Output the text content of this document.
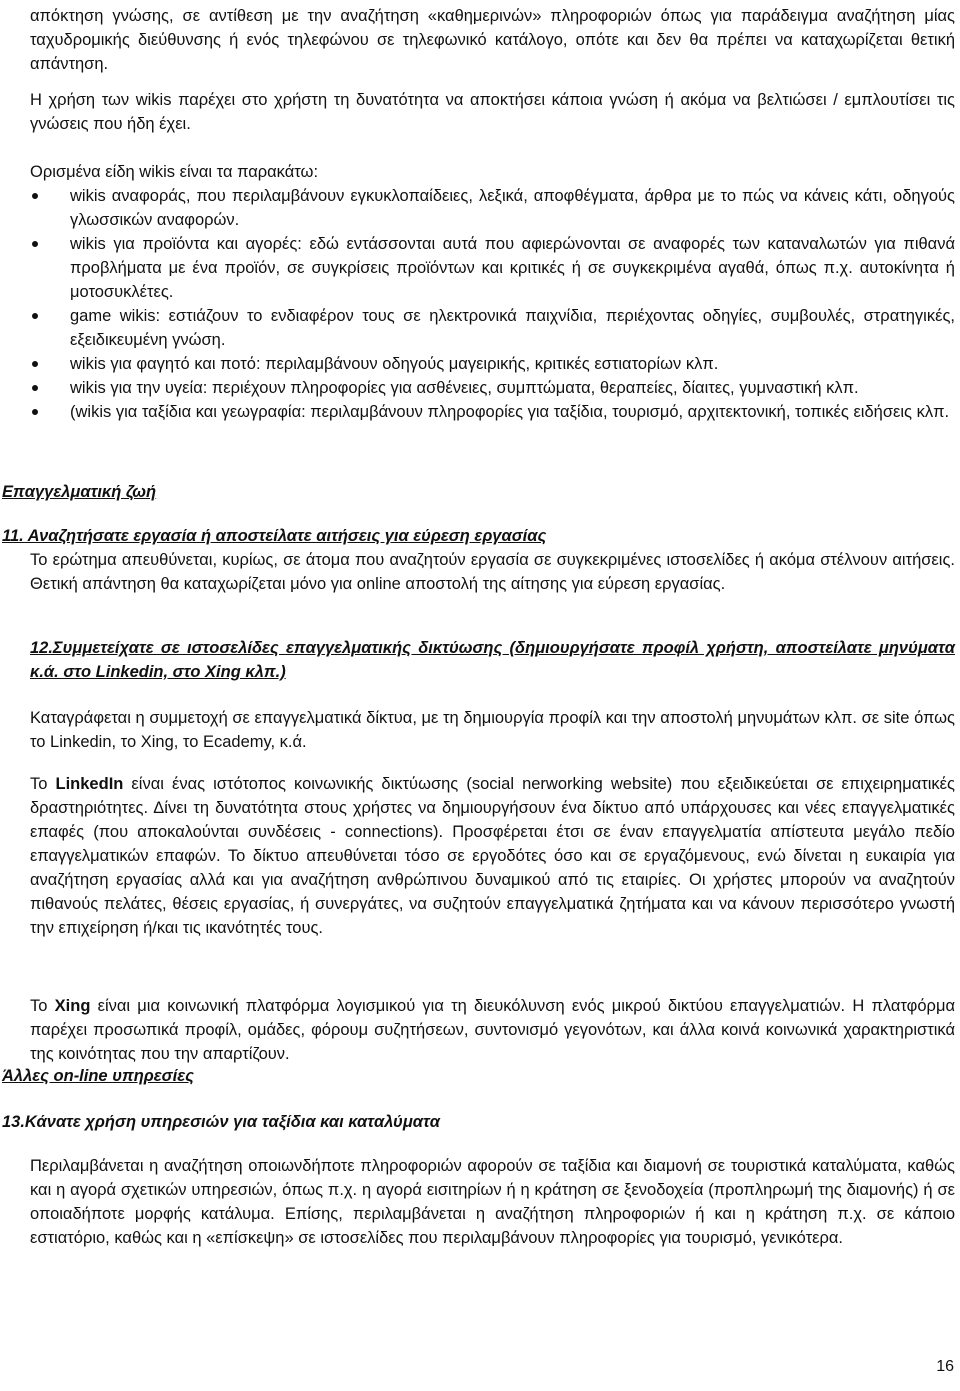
απόκτηση γνώσης, σε αντίθεση με την αναζήτηση «καθημερινών» πληροφοριών όπως για παράδειγμα αναζήτηση μίας ταχυδρομικής διεύθυνσης ή ενός τηλεφώνου σε τηλεφωνικό κατάλογο, οπότε και δεν θα πρέπει να καταχωρίζεται θετική απάντηση.

Η χρήση των wikis παρέχει στο χρήστη τη δυνατότητα να αποκτήσει κάποια γνώση ή ακόμα να βελτιώσει / εμπλουτίσει τις γνώσεις που ήδη έχει.

Ορισμένα είδη wikis είναι τα παρακάτω:

wikis αναφοράς, που περιλαμβάνουν εγκυκλοπαίδειες, λεξικά, αποφθέγματα, άρθρα με το πώς να κάνεις κάτι, οδηγούς γλωσσικών αναφορών.
wikis για προϊόντα και αγορές: εδώ εντάσσονται αυτά που αφιερώνονται σε αναφορές των καταναλωτών για πιθανά προβλήματα με ένα προϊόν, σε συγκρίσεις προϊόντων και κριτικές ή σε συγκεκριμένα αγαθά, όπως π.χ. αυτοκίνητα ή μοτοσυκλέτες.
game wikis: εστιάζουν το ενδιαφέρον τους σε ηλεκτρονικά παιχνίδια, περιέχοντας οδηγίες, συμβουλές, στρατηγικές, εξειδικευμένη γνώση.
wikis για φαγητό και ποτό: περιλαμβάνουν οδηγούς μαγειρικής, κριτικές εστιατορίων κλπ.
wikis για την υγεία: περιέχουν πληροφορίες για ασθένειες, συμπτώματα, θεραπείες, δίαιτες, γυμναστική κλπ.
(wikis για ταξίδια και γεωγραφία: περιλαμβάνουν πληροφορίες για ταξίδια, τουρισμό, αρχιτεκτονική, τοπικές ειδήσεις κλπ.

Επαγγελματική ζωή

11. Αναζητήσατε εργασία ή αποστείλατε αιτήσεις για εύρεση εργασίας

Το ερώτημα απευθύνεται, κυρίως, σε άτομα που αναζητούν εργασία σε συγκεκριμένες ιστοσελίδες ή ακόμα στέλνουν αιτήσεις. Θετική απάντηση θα καταχωρίζεται μόνο για online αποστολή της αίτησης για εύρεση εργασίας.

12.Συμμετείχατε σε ιστοσελίδες επαγγελματικής δικτύωσης (δημιουργήσατε προφίλ χρήστη, αποστείλατε μηνύματα κ.ά. στο Linkedin, στο Xing κλπ.)

Καταγράφεται η συμμετοχή σε επαγγελματικά δίκτυα, με τη δημιουργία προφίλ και την αποστολή μηνυμάτων κλπ. σε site όπως το Linkedin, το Xing, το Ecademy, κ.ά.

Το LinkedIn είναι ένας ιστότοπος κοινωνικής δικτύωσης (social nerworking website) που εξειδικεύεται σε επιχειρηματικές δραστηριότητες. Δίνει τη δυνατότητα στους χρήστες να δημιουργήσουν ένα δίκτυο από υπάρχουσες και νέες επαγγελματικές επαφές (που αποκαλούνται συνδέσεις - connections). Προσφέρεται έτσι σε έναν επαγγελματία απίστευτα μεγάλο πεδίο επαγγελματικών επαφών. Το δίκτυο απευθύνεται τόσο σε εργοδότες όσο και σε εργαζόμενους, ενώ δίνεται η ευκαιρία για αναζήτηση εργασίας αλλά και για αναζήτηση ανθρώπινου δυναμικού από τις εταιρίες. Οι χρήστες μπορούν να αναζητούν πιθανούς πελάτες, θέσεις εργασίας, ή συνεργάτες, να συζητούν επαγγελματικά ζητήματα και να κάνουν περισσότερο γνωστή την επιχείρηση ή/και τις ικανότητές τους.

Το Xing είναι μια κοινωνική πλατφόρμα λογισμικού για τη διευκόλυνση ενός μικρού δικτύου επαγγελματιών. Η πλατφόρμα παρέχει προσωπικά προφίλ, ομάδες, φόρουμ συζητήσεων, συντονισμό γεγονότων, και άλλα κοινά κοινωνικά χαρακτηριστικά της κοινότητας που την απαρτίζουν.

Άλλες on-line υπηρεσίες

13.Κάνατε χρήση υπηρεσιών για ταξίδια και καταλύματα

Περιλαμβάνεται η αναζήτηση οποιωνδήποτε πληροφοριών αφορούν σε ταξίδια και διαμονή σε τουριστικά καταλύματα, καθώς και η αγορά σχετικών υπηρεσιών, όπως π.χ. η αγορά εισιτηρίων ή η κράτηση σε ξενοδοχεία (προπληρωμή της διαμονής) ή σε οποιαδήποτε μορφής κατάλυμα. Επίσης, περιλαμβάνεται η αναζήτηση πληροφοριών ή και η κράτηση π.χ. σε κάποιο εστιατόριο, καθώς και η «επίσκεψη» σε ιστοσελίδες που περιλαμβάνουν πληροφορίες για τουρισμό, γενικότερα.

16
